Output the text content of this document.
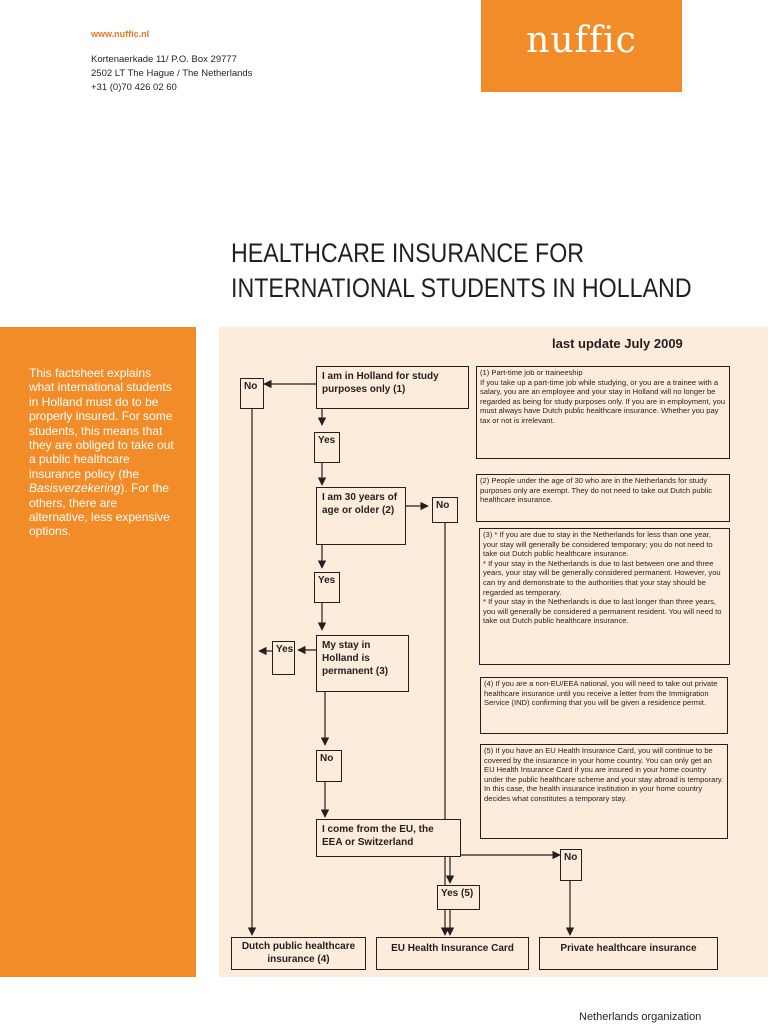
www.nuffic.nl
Kortenaerkade 11/ P.O. Box 29777
2502 LT The Hague / The Netherlands
+31 (0)70 426 02 60
nuffic
HEALTHCARE INSURANCE FOR
INTERNATIONAL STUDENTS IN HOLLAND
This factsheet explains what international students in Holland must do to be properly insured. For some students, this means that they are obliged to take out a public healthcare insurance policy (the Basisverzekering). For the others, there are alternative, less expensive options.
last update July 2009
I am in Holland for study purposes only (1)
I am 30 years of age or older (2)
My stay in Holland is permanent (3)
I come from the EU, the EEA or Switzerland
No
Yes
No
Yes
Yes
No
Yes (5)
No
Dutch public healthcare insurance (4)
EU Health Insurance Card	Private healthcare insurance
(1) Part-time job or traineeship
If you take up a part-time job while studying, or you are a trainee with a salary, you are an employee and your stay in Holland will no longer be regarded as being for study purposes only. If you are in employment, you must always have Dutch public healthcare insurance. Whether you pay tax or not is irrelevant.
(2) People under the age of 30 who are in the Netherlands for study purposes only are exempt. They do not need to take out Dutch public healthcare insurance.
(3) * If you are due to stay in the Netherlands for less than one year, your stay will generally be considered temporary; you do not need to take out Dutch public healthcare insurance.
* If your stay in the Netherlands is due to last between one and three years, your stay will be generally considered permanent. However, you can try and demonstrate to the authorities that your stay should be regarded as temporary.
* If your stay in the Netherlands is due to last longer than three years, you will generally be considered a permanent resident. You will need to take out Dutch public healthcare insurance.
(4) If you are a non-EU/EEA national, you will need to take out private healthcare insurance until you receive a letter from the Immigration Service (IND) confirming that you will be given a residence permit.
(5) If you have an EU Health Insurance Card, you will continue to be covered by the insurance in your home country. You can only get an EU Health Insurance Card if you are insured in your home country under the public healthcare scheme and your stay abroad is temporary. In this case, the health insurance institution in your home country decides what constitutes a temporary stay.
Netherlands organization
